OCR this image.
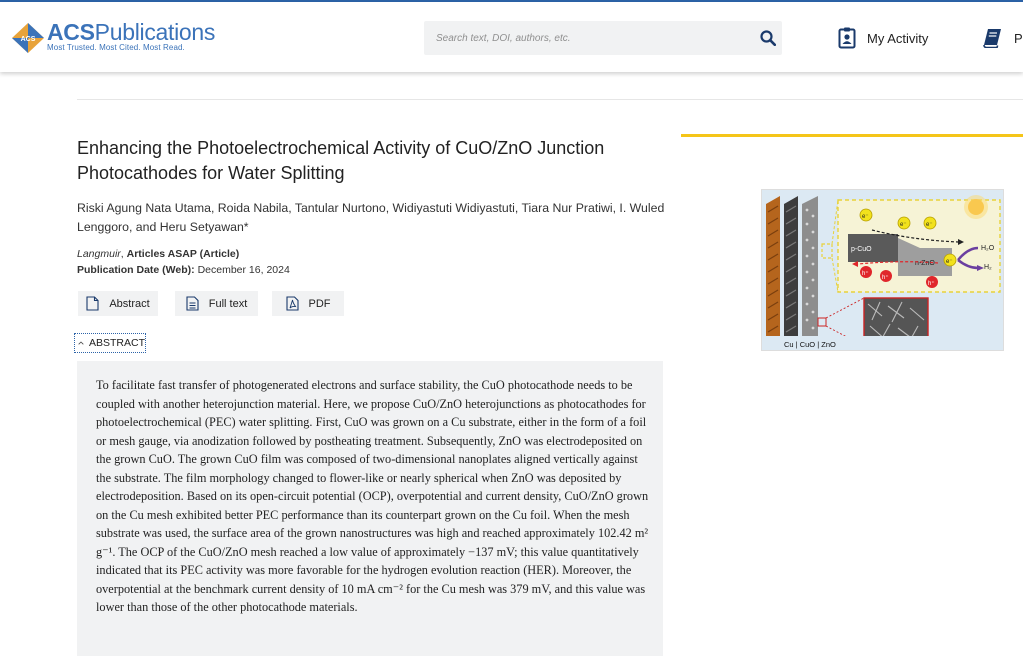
ACS ACSPublications
Most Trusted. Most Cited. Most Read.
Search text, DOI, authors, etc.
My Activity	P
Enhancing the Photoelectrochemical Activity of CuO/ZnO Junction Photocathodes for Water Splitting
Riski Agung Nata Utama, Roida Nabila, Tantular Nurtono, Widiyastuti Widiyastuti, Tiara Nur Pratiwi, I. Wuled Lenggoro, and Heru Setyawan*
Langmuir, Articles ASAP (Article)
Publication Date (Web): December 16, 2024
Abstract	Full text	PDF
ABSTRACT

To facilitate fast transfer of photogenerated electrons and surface stability, the CuO photocathode needs to be coupled with another heterojunction material. Here, we propose CuO/ZnO heterojunctions as photocathodes for photoelectrochemical (PEC) water splitting. First, CuO was grown on a Cu substrate, either in the form of a foil or mesh gauge, via anodization followed by postheating treatment. Subsequently, ZnO was electrodeposited on the grown CuO. The grown CuO film was composed of two-dimensional nanoplates aligned vertically against the substrate. The film morphology changed to flower-like or nearly spherical when ZnO was deposited by electrodeposition. Based on its open-circuit potential (OCP), overpotential and current density, CuO/ZnO grown on the Cu mesh exhibited better PEC performance than its counterpart grown on the Cu foil. When the mesh substrate was used, the surface area of the grown nanostructures was high and reached approximately 102.42 m² g⁻¹. The OCP of the CuO/ZnO mesh reached a low value of approximately −137 mV; this value quantitatively indicated that its PEC activity was more favorable for the hydrogen evolution reaction (HER). Moreover, the overpotential at the benchmark current density of 10 mA cm⁻² for the Cu mesh was 379 mV, and this value was lower than those of the other photocathode materials.

p-CuO
n-ZnO
e⁻
e⁻	e⁻
e⁻
h⁺
h⁺
h⁺
H₂O
H₂
Cu | CuO | ZnO
